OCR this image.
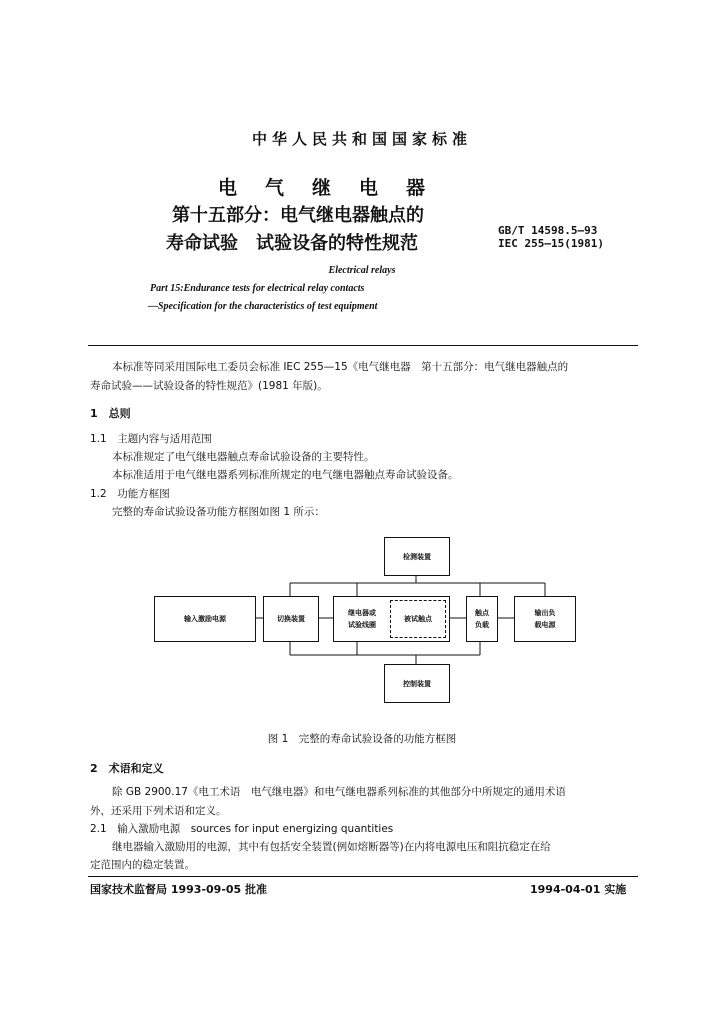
中华人民共和国国家标准
电气继电器
第十五部分：电气继电器触点的
寿命试验　试验设备的特性规范
GB/T 14598.5—93
IEC 255—15(1981)
Electrical relays
Part 15:Endurance tests for electrical relay contacts
—Specification for the characteristics of test equipment
本标准等同采用国际电工委员会标准 IEC 255—15《电气继电器　第十五部分：电气继电器触点的
寿命试验——试验设备的特性规范》(1981 年版)。
1　总则
1.1　主题内容与适用范围
本标准规定了电气继电器触点寿命试验设备的主要特性。
本标准适用于电气继电器系列标准所规定的电气继电器触点寿命试验设备。
1.2　功能方框图
完整的寿命试验设备功能方框图如图 1 所示：
检测装置
输入激励电源	切换装置
继电器或
试验线圈
被试触点
触点
负载
输出负
载电源
控制装置
图 1　完整的寿命试验设备的功能方框图
2　术语和定义
除 GB 2900.17《电工术语　电气继电器》和电气继电器系列标准的其他部分中所规定的通用术语
外，还采用下列术语和定义。
2.1　输入激励电源　sources for input energizing quantities
继电器输入激励用的电源，其中有包括安全装置(例如熔断器等)在内将电源电压和阻抗稳定在给
定范围内的稳定装置。
国家技术监督局 1993-09-05 批准	1994-04-01 实施
